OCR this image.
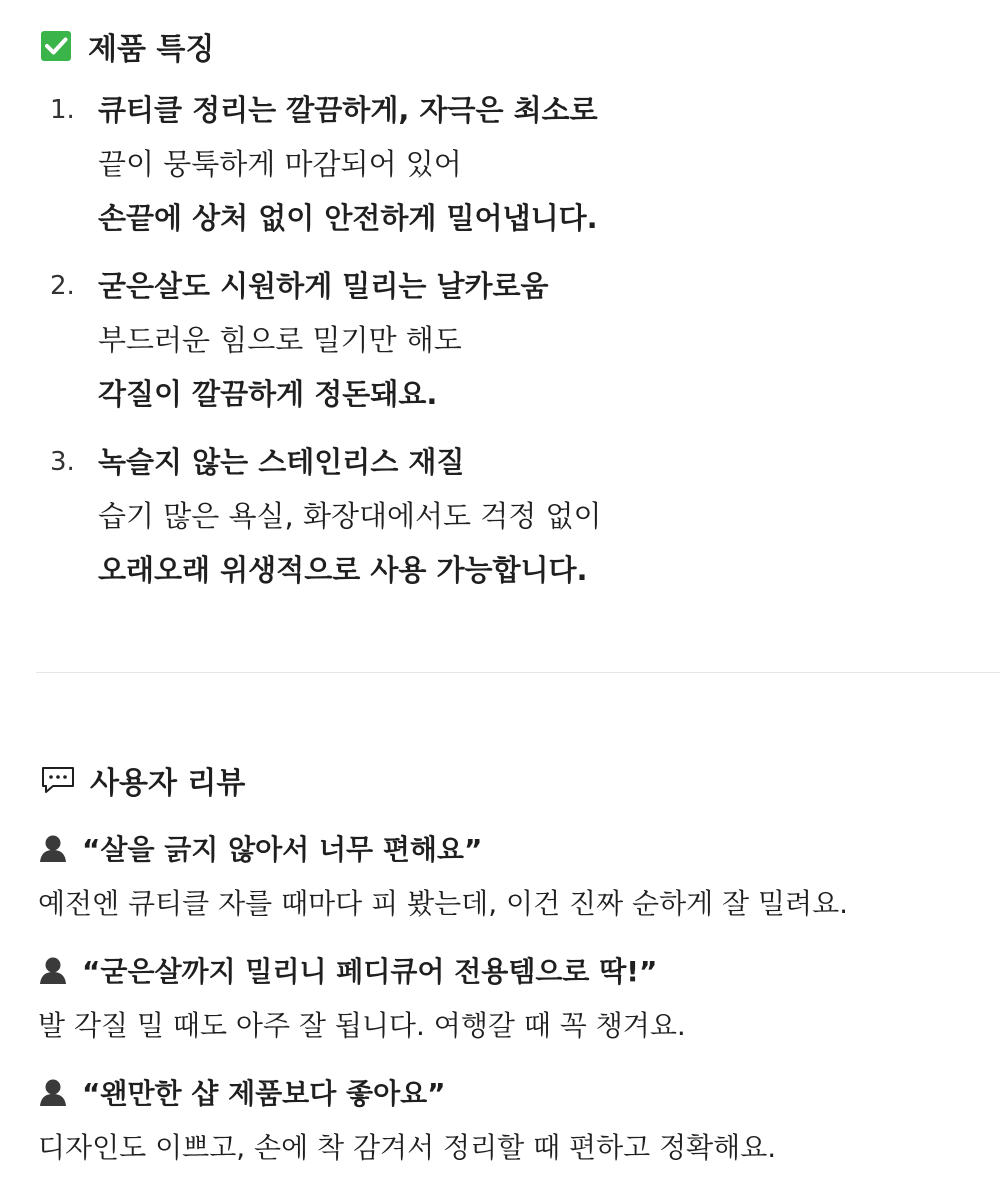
제품 특징
1. 큐티클 정리는 깔끔하게, 자극은 최소로
끝이 뭉툭하게 마감되어 있어
손끝에 상처 없이 안전하게 밀어냅니다.
2. 굳은살도 시원하게 밀리는 날카로움
부드러운 힘으로 밀기만 해도
각질이 깔끔하게 정돈돼요.
3. 녹슬지 않는 스테인리스 재질
습기 많은 욕실, 화장대에서도 걱정 없이
오래오래 위생적으로 사용 가능합니다.
사용자 리뷰
“살을 긁지 않아서 너무 편해요”
예전엔 큐티클 자를 때마다 피 봤는데, 이건 진짜 순하게 잘 밀려요.
“굳은살까지 밀리니 페디큐어 전용템으로 딱!”
발 각질 밀 때도 아주 잘 됩니다. 여행갈 때 꼭 챙겨요.
“왠만한 샵 제품보다 좋아요”
디자인도 이쁘고, 손에 착 감겨서 정리할 때 편하고 정확해요.
